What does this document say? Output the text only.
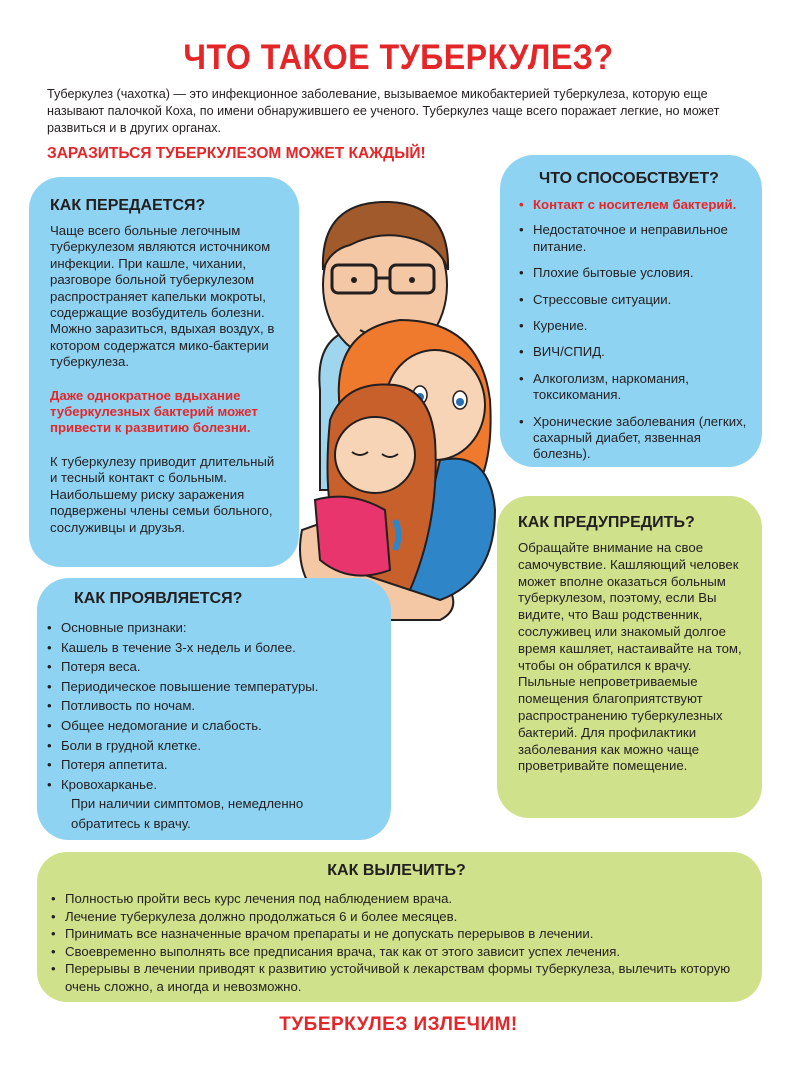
ЧТО ТАКОЕ ТУБЕРКУЛЕЗ?
Туберкулез (чахотка) — это инфекционное заболевание, вызываемое микобактерией туберкулеза, которую еще называют палочкой Коха, по имени обнаружившего ее ученого. Туберкулез чаще всего поражает легкие, но может развиться и в других органах.
ЗАРАЗИТЬСЯ ТУБЕРКУЛЕЗОМ МОЖЕТ КАЖДЫЙ!

КАК ПЕРЕДАЕТСЯ?

Чаще всего больные легочным туберкулезом являются источником инфекции. При кашле, чихании, разговоре больной туберкулезом распространяет капельки мокроты, содержащие возбудитель болезни. Можно заразиться, вдыхая воздух, в котором содержатся мико-бактерии туберкулеза.

Даже однократное вдыхание туберкулезных бактерий может привести к развитию болезни.

К туберкулезу приводит длительный и тесный контакт с больным. Наибольшему риску заражения подвержены члены семьи больного, сослуживцы и друзья.

ЧТО СПОСОБСТВУЕТ?

• Контакт с носителем бактерий.
• Недостаточное и неправильное питание.
• Плохие бытовые условия.
• Стрессовые ситуации.
• Курение.
• ВИЧ/СПИД.
• Алкоголизм, наркомания, токсикомания.
• Хронические заболевания (легких, сахарный диабет, язвенная болезнь).

КАК ПРОЯВЛЯЕТСЯ?

• Основные признаки:
• Кашель в течение 3-х недель и более.
• Потеря веса.
• Периодическое повышение температуры.
• Потливость по ночам.
• Общее недомогание и слабость.
• Боли в грудной клетке.
• Потеря аппетита.
• Кровохарканье.
При наличии симптомов, немедленно обратитесь к врачу.

КАК ПРЕДУПРЕДИТЬ?

Обращайте внимание на свое самочувствие. Кашляющий человек может вполне оказаться больным туберкулезом, поэтому, если Вы видите, что Ваш родственник, сослуживец или знакомый долгое время кашляет, настаивайте на том, чтобы он обратился к врачу.

Пыльные непроветриваемые помещения благоприятствуют распространению туберкулезных бактерий. Для профилактики заболевания как можно чаще проветривайте помещение.

КАК ВЫЛЕЧИТЬ?

• Полностью пройти весь курс лечения под наблюдением врача.
• Лечение туберкулеза должно продолжаться 6 и более месяцев.
• Принимать все назначенные врачом препараты и не допускать перерывов в лечении.
• Своевременно выполнять все предписания врача, так как от этого зависит успех лечения.
• Перерывы в лечении приводят к развитию устойчивой к лекарствам формы туберкулеза, вылечить которую очень сложно, а иногда и невозможно.
ТУБЕРКУЛЕЗ ИЗЛЕЧИМ!
